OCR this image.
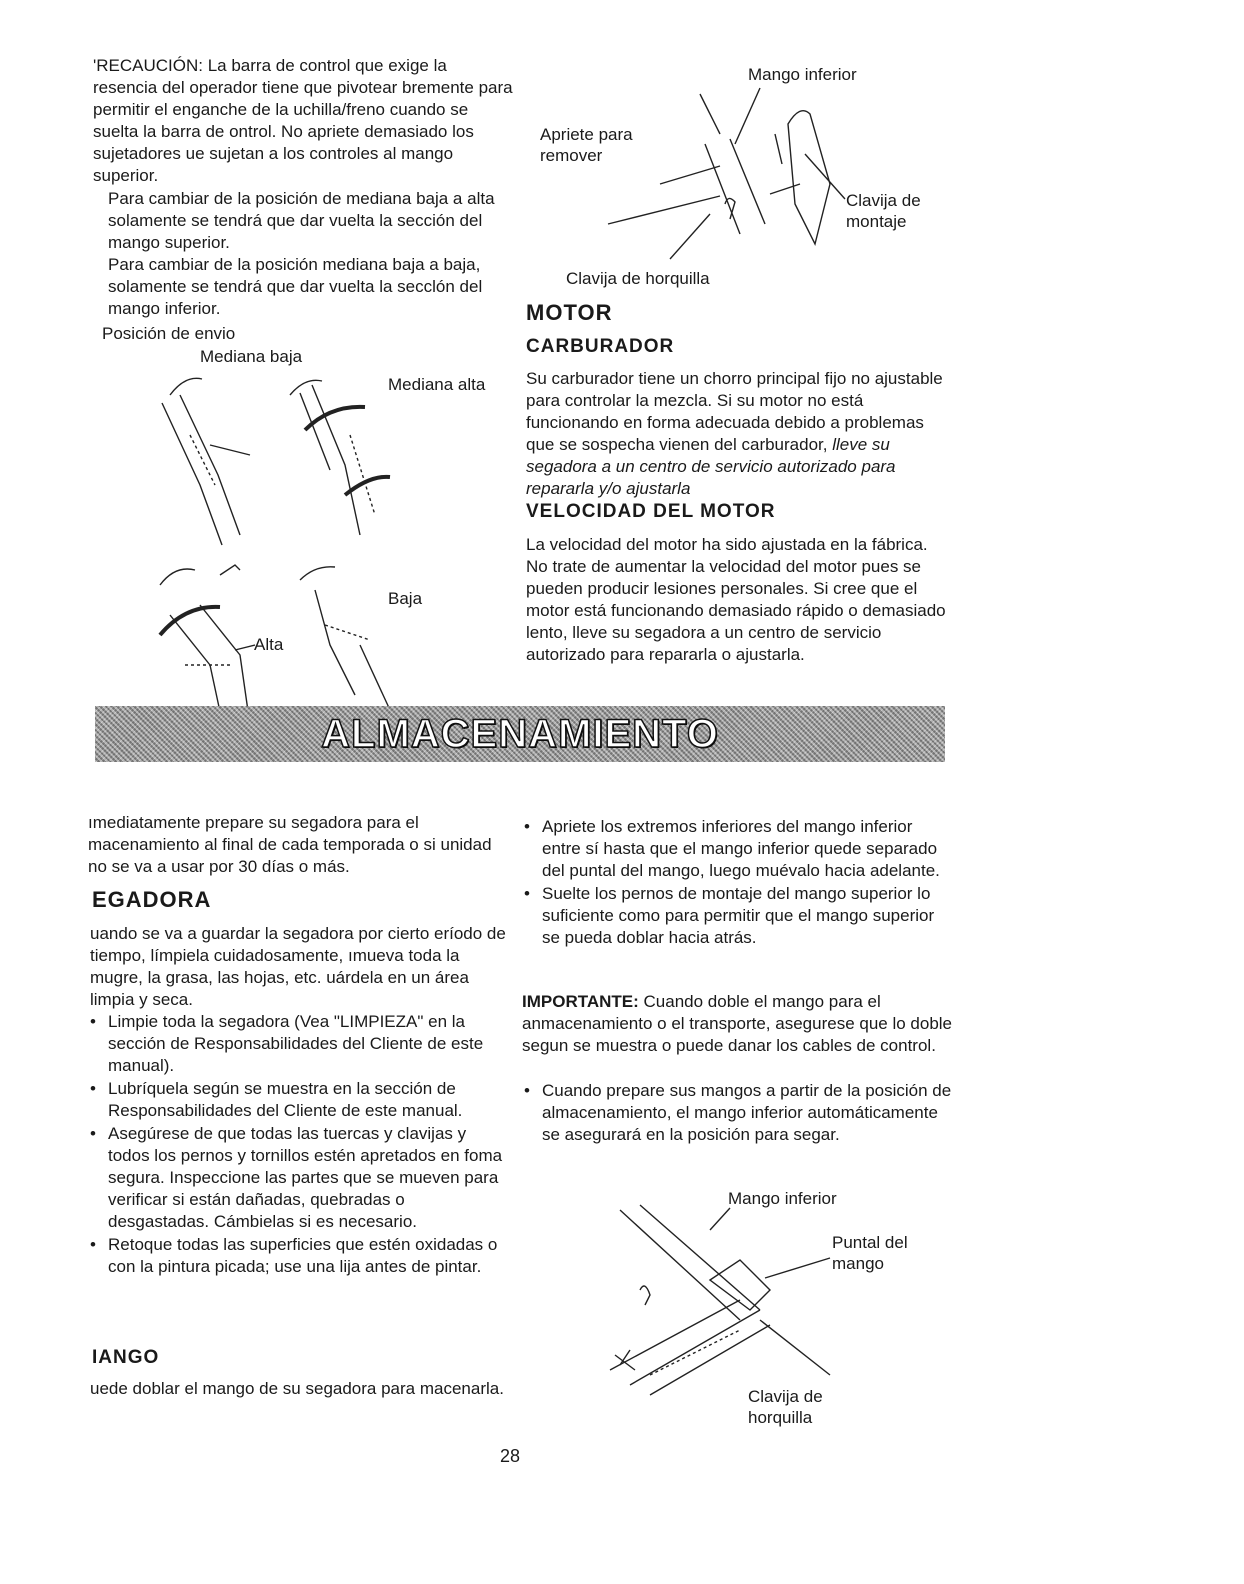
'RECAUCIÓN: La barra de control que exige la resencia del operador tiene que pivotear bremente para permitir el enganche de la uchilla/freno cuando se suelta la barra de ontrol. No apriete demasiado los sujetadores ue sujetan a los controles al mango superior.

Para cambiar de la posición de mediana baja a alta solamente se tendrá que dar vuelta la sección del mango superior.

Para cambiar de la posición mediana baja a baja, solamente se tendrá que dar vuelta la secclón del mango inferior.

Posición de envio
Mediana baja
Mediana alta
Alta
Baja
Mango inferior
Apriete para remover
Clavija de montaje
Clavija de horquilla
MOTOR
CARBURADOR

Su carburador tiene un chorro principal fijo no ajustable para controlar la mezcla. Si su motor no está funcionando en forma adecuada debido a problemas que se sospecha vienen del carburador, lleve su segadora a un centro de servicio autorizado para repararla y/o ajustarla

VELOCIDAD DEL MOTOR

La velocidad del motor ha sido ajustada en la fábrica. No trate de aumentar la velocidad del motor pues se pueden producir lesiones personales. Si cree que el motor está funcionando demasiado rápido o demasiado lento, lleve su segadora a un centro de servicio autorizado para repararla o ajustarla.

ALMACENAMIENTO

ımediatamente prepare su segadora para el macenamiento al final de cada temporada o si unidad no se va a usar por 30 días o más.

EGADORA

uando se va a guardar la segadora por cierto eríodo de tiempo, límpiela cuidadosamente, ımueva toda la mugre, la grasa, las hojas, etc. uárdela en un área limpia y seca.

• Limpie toda la segadora (Vea "LIMPIEZA" en la sección de Responsabilidades del Cliente de este manual).
• Lubríquela según se muestra en la sección de Responsabilidades del Cliente de este manual.
• Asegúrese de que todas las tuercas y clavijas y todos los pernos y tornillos estén apretados en foma segura. Inspeccione las partes que se mueven para verificar si están dañadas, quebradas o desgastadas. Cámbielas si es necesario.
• Retoque todas las superficies que estén oxidadas o con la pintura picada; use una lija antes de pintar.
IANGO

uede doblar el mango de su segadora para macenarla.

• Apriete los extremos inferiores del mango inferior entre sí hasta que el mango inferior quede separado del puntal del mango, luego muévalo hacia adelante.
• Suelte los pernos de montaje del mango superior lo suficiente como para permitir que el mango superior se pueda doblar hacia atrás.

IMPORTANTE: Cuando doble el mango para el anmacenamiento o el transporte, asegurese que lo doble segun se muestra o puede danar los cables de control.

• Cuando prepare sus mangos a partir de la posición de almacenamiento, el mango inferior automáticamente se asegurará en la posición para segar.
Mango inferior
Puntal del mango
Clavija de horquilla
28
